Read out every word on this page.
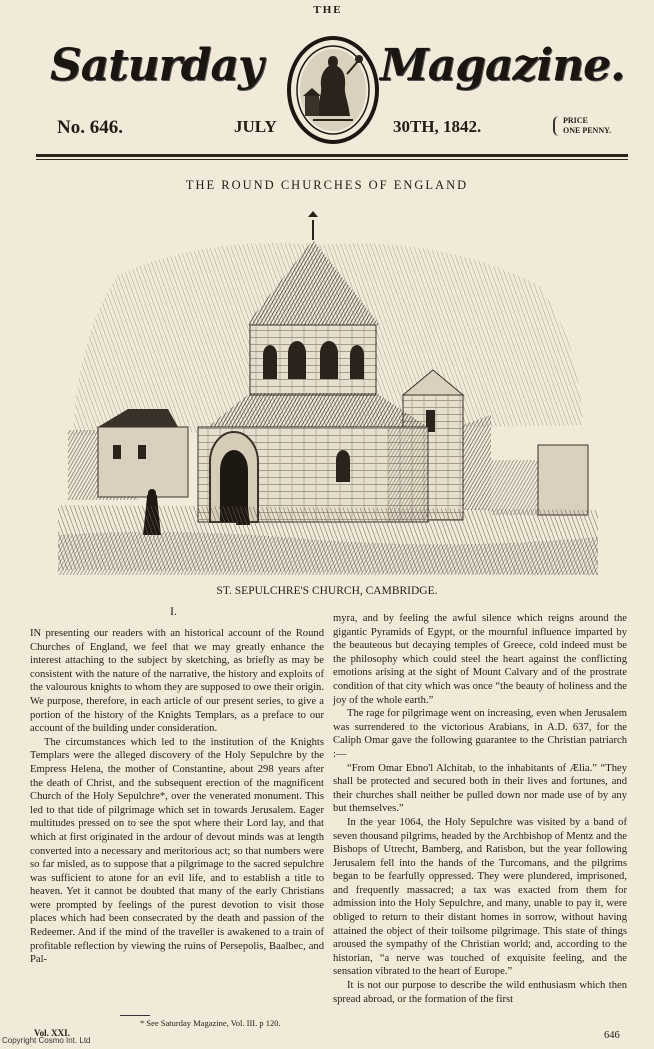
THE
Saturday	Magazine.
No. 646.	JULY	30TH, 1842.	PRICE
ONE PENNY.
THE ROUND CHURCHES OF ENGLAND
ST. SEPULCHRE'S CHURCH, CAMBRIDGE.
I.

IN presenting our readers with an historical account of the Round Churches of England, we feel that we may greatly enhance the interest attaching to the subject by sketching, as briefly as may be consistent with the nature of the narrative, the history and exploits of the valourous knights to whom they are supposed to owe their origin. We purpose, therefore, in each article of our present series, to give a portion of the history of the Knights Templars, as a preface to our account of the building under consideration.

The circumstances which led to the institution of the Knights Templars were the alleged discovery of the Holy Sepulchre by the Empress Helena, the mother of Constantine, about 298 years after the death of Christ, and the subsequent erection of the magnificent Church of the Holy Sepulchre*, over the venerated monument. This led to that tide of pilgrimage which set in towards Jerusalem. Eager multitudes pressed on to see the spot where their Lord lay, and that which at first originated in the ardour of devout minds was at length converted into a necessary and meritorious act; so that numbers were so far misled, as to suppose that a pilgrimage to the sacred sepulchre was sufficient to atone for an evil life, and to establish a title to heaven. Yet it cannot be doubted that many of the early Christians were prompted by feelings of the purest devotion to visit those places which had been consecrated by the death and passion of the Redeemer. And if the mind of the traveller is awakened to a train of profitable reflection by viewing the ruins of Persepolis, Baalbec, and Pal-

myra, and by feeling the awful silence which reigns around the gigantic Pyramids of Egypt, or the mournful influence imparted by the beauteous but decaying temples of Greece, cold indeed must be the philosophy which could steel the heart against the conflicting emotions arising at the sight of Mount Calvary and of the prostrate condition of that city which was once “the beauty of holiness and the joy of the whole earth.”

The rage for pilgrimage went on increasing, even when Jerusalem was surrendered to the victorious Arabians, in A.D. 637, for the Caliph Omar gave the following guarantee to the Christian patriarch :—

“From Omar Ebno'l Alchitab, to the inhabitants of Ælia.” “They shall be protected and secured both in their lives and fortunes, and their churches shall neither be pulled down nor made use of by any but themselves.”

In the year 1064, the Holy Sepulchre was visited by a band of seven thousand pilgrims, headed by the Archbishop of Mentz and the Bishops of Utrecht, Bamberg, and Ratisbon, but the year following Jerusalem fell into the hands of the Turcomans, and the pilgrims began to be fearfully oppressed. They were plundered, imprisoned, and frequently massacred; a tax was exacted from them for admission into the Holy Sepulchre, and many, unable to pay it, were obliged to return to their distant homes in sorrow, without having attained the object of their toilsome pilgrimage. This state of things aroused the sympathy of the Christian world; and, according to the historian, “a nerve was touched of exquisite feeling, and the sensation vibrated to the heart of Europe.”

It is not our purpose to describe the wild enthusiasm which then spread abroad, or the formation of the first

* See Saturday Magazine, Vol. III. p 120.
646
Vol. XXI.
Copyright Cosmo Int. Ltd
